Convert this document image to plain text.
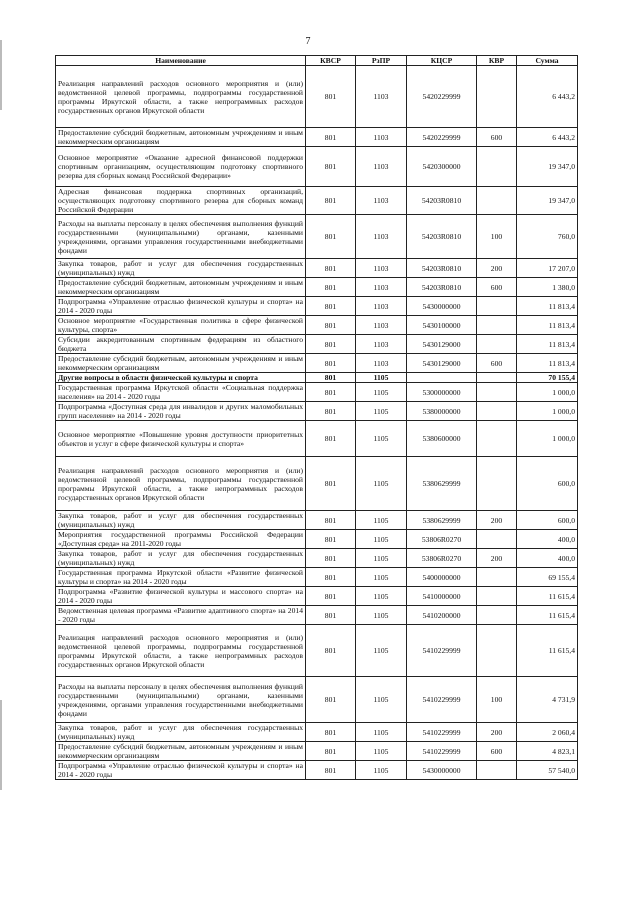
7
Наименование	КВСР	РзПР	КЦСР	КВР	Сумма
Реализация направлений расходов основного мероприятия и (или) ведомственной целевой программы, подпрограммы государственной программы Иркутской области, а также непрограммных расходов государственных органов Иркутской области	801	1103	5420229999		6 443,2
Предоставление субсидий бюджетным, автономным учреждениям и иным некоммерческим организациям	801	1103	5420229999	600	6 443,2
Основное мероприятие «Оказание адресной финансовой поддержки спортивным организациям, осуществляющим подготовку спортивного резерва для сборных команд Российской Федерации»	801	1103	5420300000		19 347,0
Адресная финансовая поддержка спортивных организаций, осуществляющих подготовку спортивного резерва для сборных команд Российской Федерации	801	1103	54203R0810		19 347,0
Расходы на выплаты персоналу в целях обеспечения выполнения функций государственными (муниципальными) органами, казенными учреждениями, органами управления государственными внебюджетными фондами	801	1103	54203R0810	100	760,0
Закупка товаров, работ и услуг для обеспечения государственных (муниципальных) нужд	801	1103	54203R0810	200	17 207,0
Предоставление субсидий бюджетным, автономным учреждениям и иным некоммерческим организациям	801	1103	54203R0810	600	1 380,0
Подпрограмма «Управление отраслью физической культуры и спорта» на 2014 - 2020 годы	801	1103	5430000000		11 813,4
Основное мероприятие «Государственная политика в сфере физической культуры, спорта»	801	1103	5430100000		11 813,4
Субсидии аккредитованным спортивным федерациям из областного бюджета	801	1103	5430129000		11 813,4
Предоставление субсидий бюджетным, автономным учреждениям и иным некоммерческим организациям	801	1103	5430129000	600	11 813,4
Другие вопросы в области физической культуры и спорта	801	1105			70 155,4
Государственная программа Иркутской области «Социальная поддержка населения» на 2014 - 2020 годы	801	1105	5300000000		1 000,0
Подпрограмма «Доступная среда для инвалидов и других маломобильных групп населения» на 2014 - 2020 годы	801	1105	5380000000		1 000,0
Основное мероприятие «Повышение уровня доступности приоритетных объектов и услуг в сфере физической культуры и спорта»	801	1105	5380600000		1 000,0
Реализация направлений расходов основного мероприятия и (или) ведомственной целевой программы, подпрограммы государственной программы Иркутской области, а также непрограммных расходов государственных органов Иркутской области	801	1105	5380629999		600,0
Закупка товаров, работ и услуг для обеспечения государственных (муниципальных) нужд	801	1105	5380629999	200	600,0
Мероприятия государственной программы Российской Федерации «Доступная среда» на 2011-2020 годы	801	1105	53806R0270		400,0
Закупка товаров, работ и услуг для обеспечения государственных (муниципальных) нужд	801	1105	53806R0270	200	400,0
Государственная программа Иркутской области «Развитие физической культуры и спорта» на 2014 - 2020 годы	801	1105	5400000000		69 155,4
Подпрограмма «Развитие физической культуры и массового спорта» на 2014 - 2020 годы	801	1105	5410000000		11 615,4
Ведомственная целевая программа «Развитие адаптивного спорта» на 2014 - 2020 годы	801	1105	5410200000		11 615,4
Реализация направлений расходов основного мероприятия и (или) ведомственной целевой программы, подпрограммы государственной программы Иркутской области, а также непрограммных расходов государственных органов Иркутской области	801	1105	5410229999		11 615,4
Расходы на выплаты персоналу в целях обеспечения выполнения функций государственными (муниципальными) органами, казенными учреждениями, органами управления государственными внебюджетными фондами	801	1105	5410229999	100	4 731,9
Закупка товаров, работ и услуг для обеспечения государственных (муниципальных) нужд	801	1105	5410229999	200	2 060,4
Предоставление субсидий бюджетным, автономным учреждениям и иным некоммерческим организациям	801	1105	5410229999	600	4 823,1
Подпрограмма «Управление отраслью физической культуры и спорта» на 2014 - 2020 годы	801	1105	5430000000		57 540,0
